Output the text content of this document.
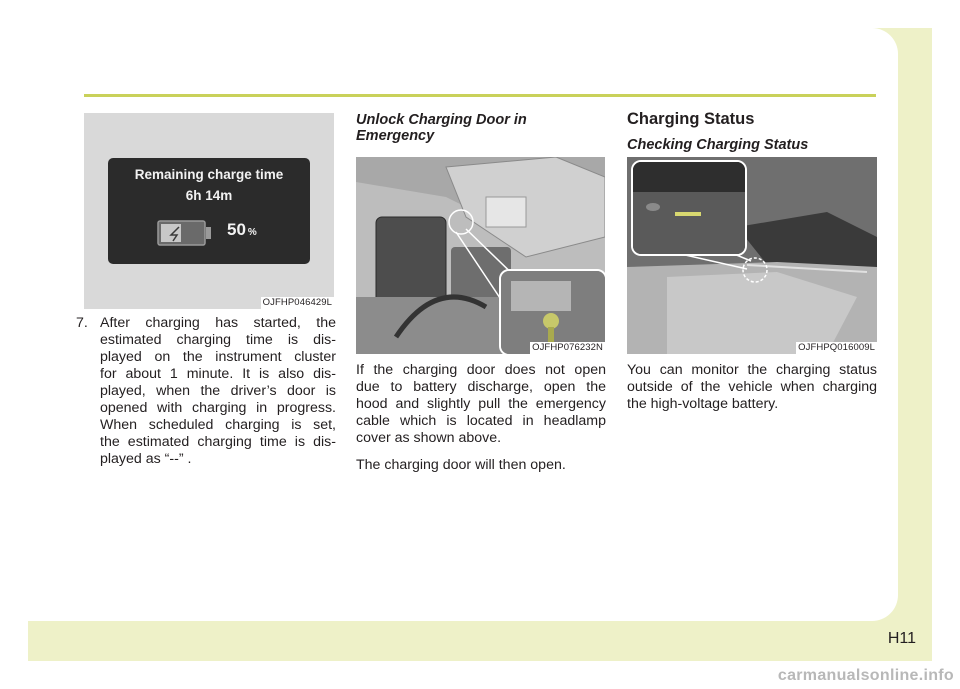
Remaining charge time
6h 14m
50 %
OJFHP046429L
7. After charging has started, the
estimated charging time is dis-
played on the instrument cluster
for about 1 minute. It is also dis-
played, when the driver’s door is
opened with charging in progress.
When scheduled charging is set,
the estimated charging time is dis-
played as “--” .
Unlock Charging Door in
Emergency
OJFHP076232N
If the charging door does not open
due to battery discharge, open the
hood and slightly pull the emergency
cable which is located in headlamp
cover as shown above.
The charging door will then open.
Charging Status
Checking Charging Status
OJFHPQ016009L
You can monitor the charging status
outside of the vehicle when charging
the high-voltage battery.
H11
carmanualsonline.info
